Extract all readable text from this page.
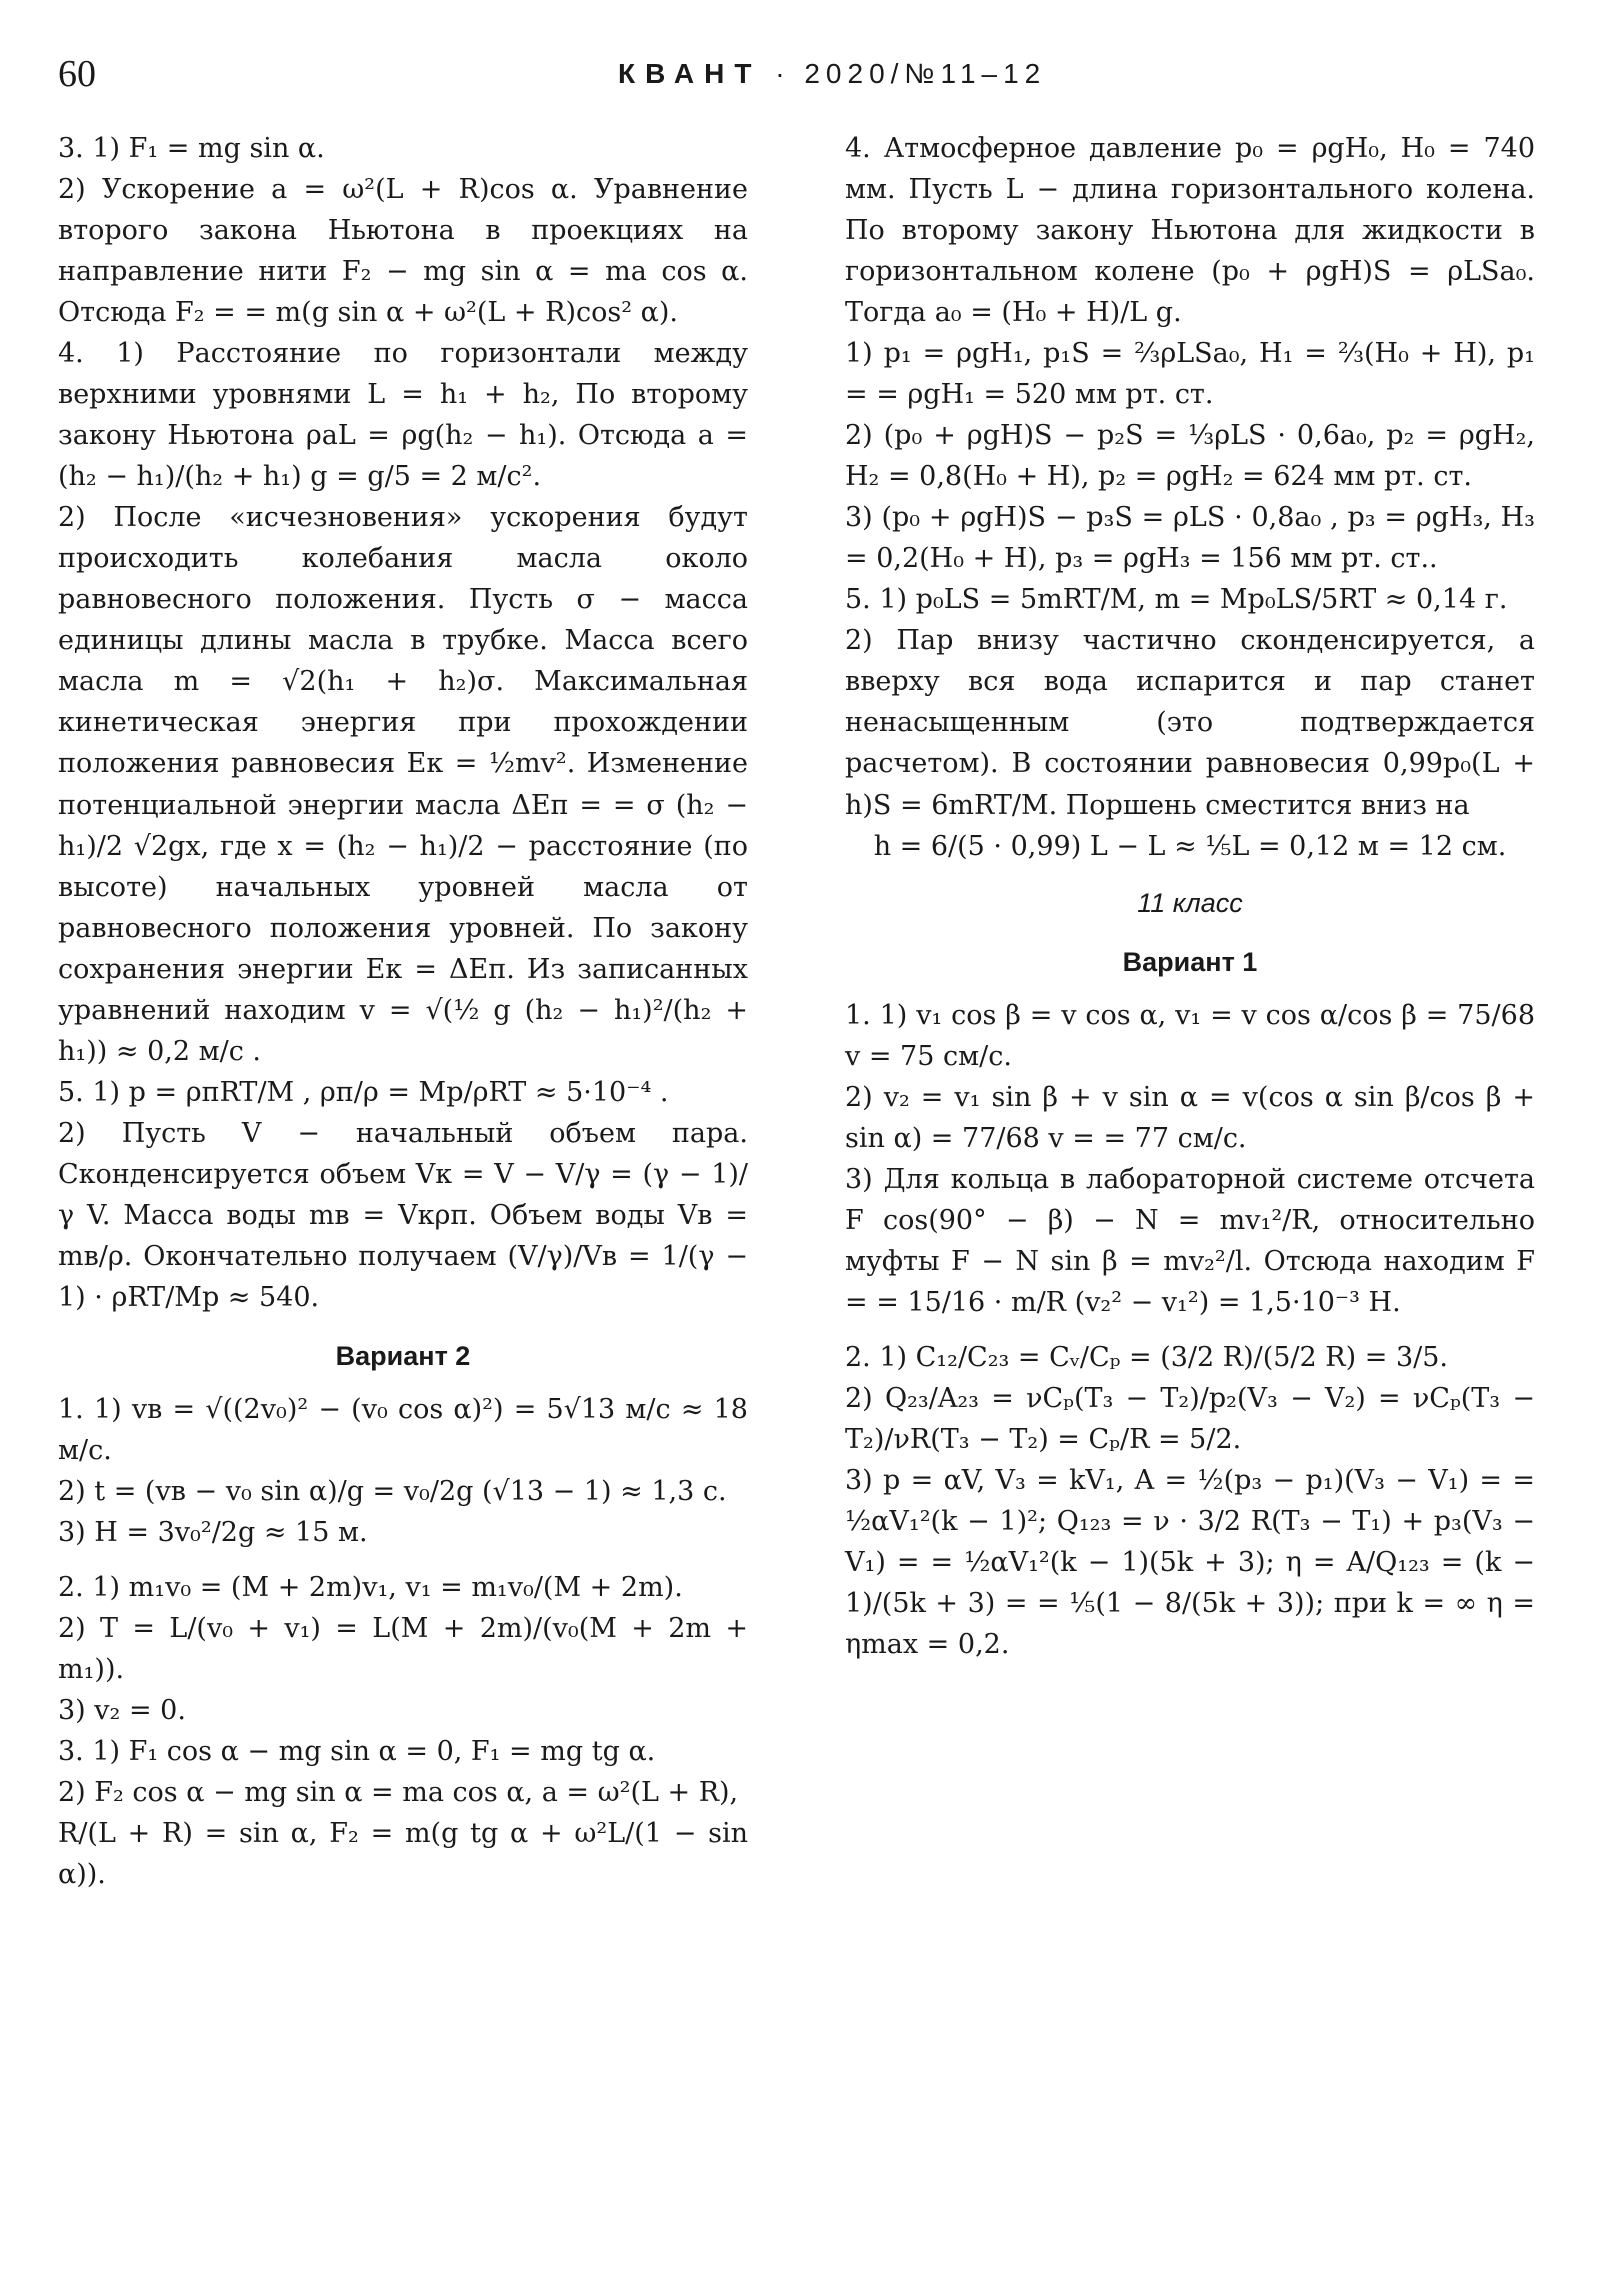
60	КВАНТ · 2020/№11–12

3. 1) F₁ = mg sin α.

2) Ускорение a = ω²(L + R)cos α. Уравнение второго закона Ньютона в проекциях на направление нити F₂ − mg sin α = ma cos α. Отсюда F₂ = = m(g sin α + ω²(L + R)cos² α).

4. 1) Расстояние по горизонтали между верхними уровнями L = h₁ + h₂, По второму закону Ньютона ρaL = ρg(h₂ − h₁). Отсюда a = (h₂ − h₁)/(h₂ + h₁) g = g/5 = 2 м/с².

2) После «исчезновения» ускорения будут происходить колебания масла около равновесного положения. Пусть σ − масса единицы длины масла в трубке. Масса всего масла m = √2(h₁ + h₂)σ. Максимальная кинетическая энергия при прохождении положения равновесия Eк = ½mv². Изменение потенциальной энергии масла ΔEп = = σ (h₂ − h₁)/2 √2gx, где x = (h₂ − h₁)/2 − расстояние (по высоте) начальных уровней масла от равновесного положения уровней. По закону сохранения энергии Eк = ΔEп. Из записанных уравнений находим v = √(½ g (h₂ − h₁)²/(h₂ + h₁)) ≈ 0,2 м/с .

5. 1) p = ρпRT/M , ρп/ρ = Mp/ρRT ≈ 5·10⁻⁴ .

2) Пусть V − начальный объем пара. Сконденсируется объем Vк = V − V/γ = (γ − 1)/γ V. Масса воды mв = Vкρп. Объем воды Vв = mв/ρ. Окончательно получаем (V/γ)/Vв = 1/(γ − 1) · ρRT/Mp ≈ 540.

Вариант 2

1. 1) vв = √((2v₀)² − (v₀ cos α)²) = 5√13 м/с ≈ 18 м/с.

2) t = (vв − v₀ sin α)/g = v₀/2g (√13 − 1) ≈ 1,3 с.

3) H = 3v₀²/2g ≈ 15 м.

2. 1) m₁v₀ = (M + 2m)v₁, v₁ = m₁v₀/(M + 2m).

2) T = L/(v₀ + v₁) = L(M + 2m)/(v₀(M + 2m + m₁)).

3) v₂ = 0.

3. 1) F₁ cos α − mg sin α = 0, F₁ = mg tg α.

2) F₂ cos α − mg sin α = ma cos α, a = ω²(L + R),

R/(L + R) = sin α, F₂ = m(g tg α + ω²L/(1 − sin α)).

4. Атмосферное давление p₀ = ρgH₀, H₀ = 740 мм. Пусть L − длина горизонтального колена. По второму закону Ньютона для жидкости в горизонтальном колене (p₀ + ρgH)S = ρLSa₀. Тогда a₀ = (H₀ + H)/L g.

1) p₁ = ρgH₁, p₁S = ⅔ρLSa₀, H₁ = ⅔(H₀ + H), p₁ = = ρgH₁ = 520 мм рт. ст.

2) (p₀ + ρgH)S − p₂S = ⅓ρLS · 0,6a₀, p₂ = ρgH₂, H₂ = 0,8(H₀ + H), p₂ = ρgH₂ = 624 мм рт. ст.

3) (p₀ + ρgH)S − p₃S = ρLS · 0,8a₀ , p₃ = ρgH₃, H₃ = 0,2(H₀ + H), p₃ = ρgH₃ = 156 мм рт. ст..

5. 1) p₀LS = 5mRT/M, m = Mp₀LS/5RT ≈ 0,14 г.

2) Пар внизу частично сконденсируется, а вверху вся вода испарится и пар станет ненасыщенным (это подтверждается расчетом). В состоянии равновесия 0,99p₀(L + h)S = 6mRT/M. Поршень сместится вниз на

h = 6/(5 · 0,99) L − L ≈ ⅕L = 0,12 м = 12 см.

11 класс

Вариант 1

1. 1) v₁ cos β = v cos α, v₁ = v cos α/cos β = 75/68 v = 75 см/с.

2) v₂ = v₁ sin β + v sin α = v(cos α sin β/cos β + sin α) = 77/68 v = = 77 см/с.

3) Для кольца в лабораторной системе отсчета F cos(90° − β) − N = mv₁²/R, относительно муфты F − N sin β = mv₂²/l. Отсюда находим F = = 15/16 · m/R (v₂² − v₁²) = 1,5·10⁻³ Н.

2. 1) C₁₂/C₂₃ = Cᵥ/Cₚ = (3/2 R)/(5/2 R) = 3/5.

2) Q₂₃/A₂₃ = νCₚ(T₃ − T₂)/p₂(V₃ − V₂) = νCₚ(T₃ − T₂)/νR(T₃ − T₂) = Cₚ/R = 5/2.

3) p = αV, V₃ = kV₁, A = ½(p₃ − p₁)(V₃ − V₁) = = ½αV₁²(k − 1)²; Q₁₂₃ = ν · 3/2 R(T₃ − T₁) + p₃(V₃ − V₁) = = ½αV₁²(k − 1)(5k + 3); η = A/Q₁₂₃ = (k − 1)/(5k + 3) = = ⅕(1 − 8/(5k + 3)); при k = ∞ η = ηmax = 0,2.
